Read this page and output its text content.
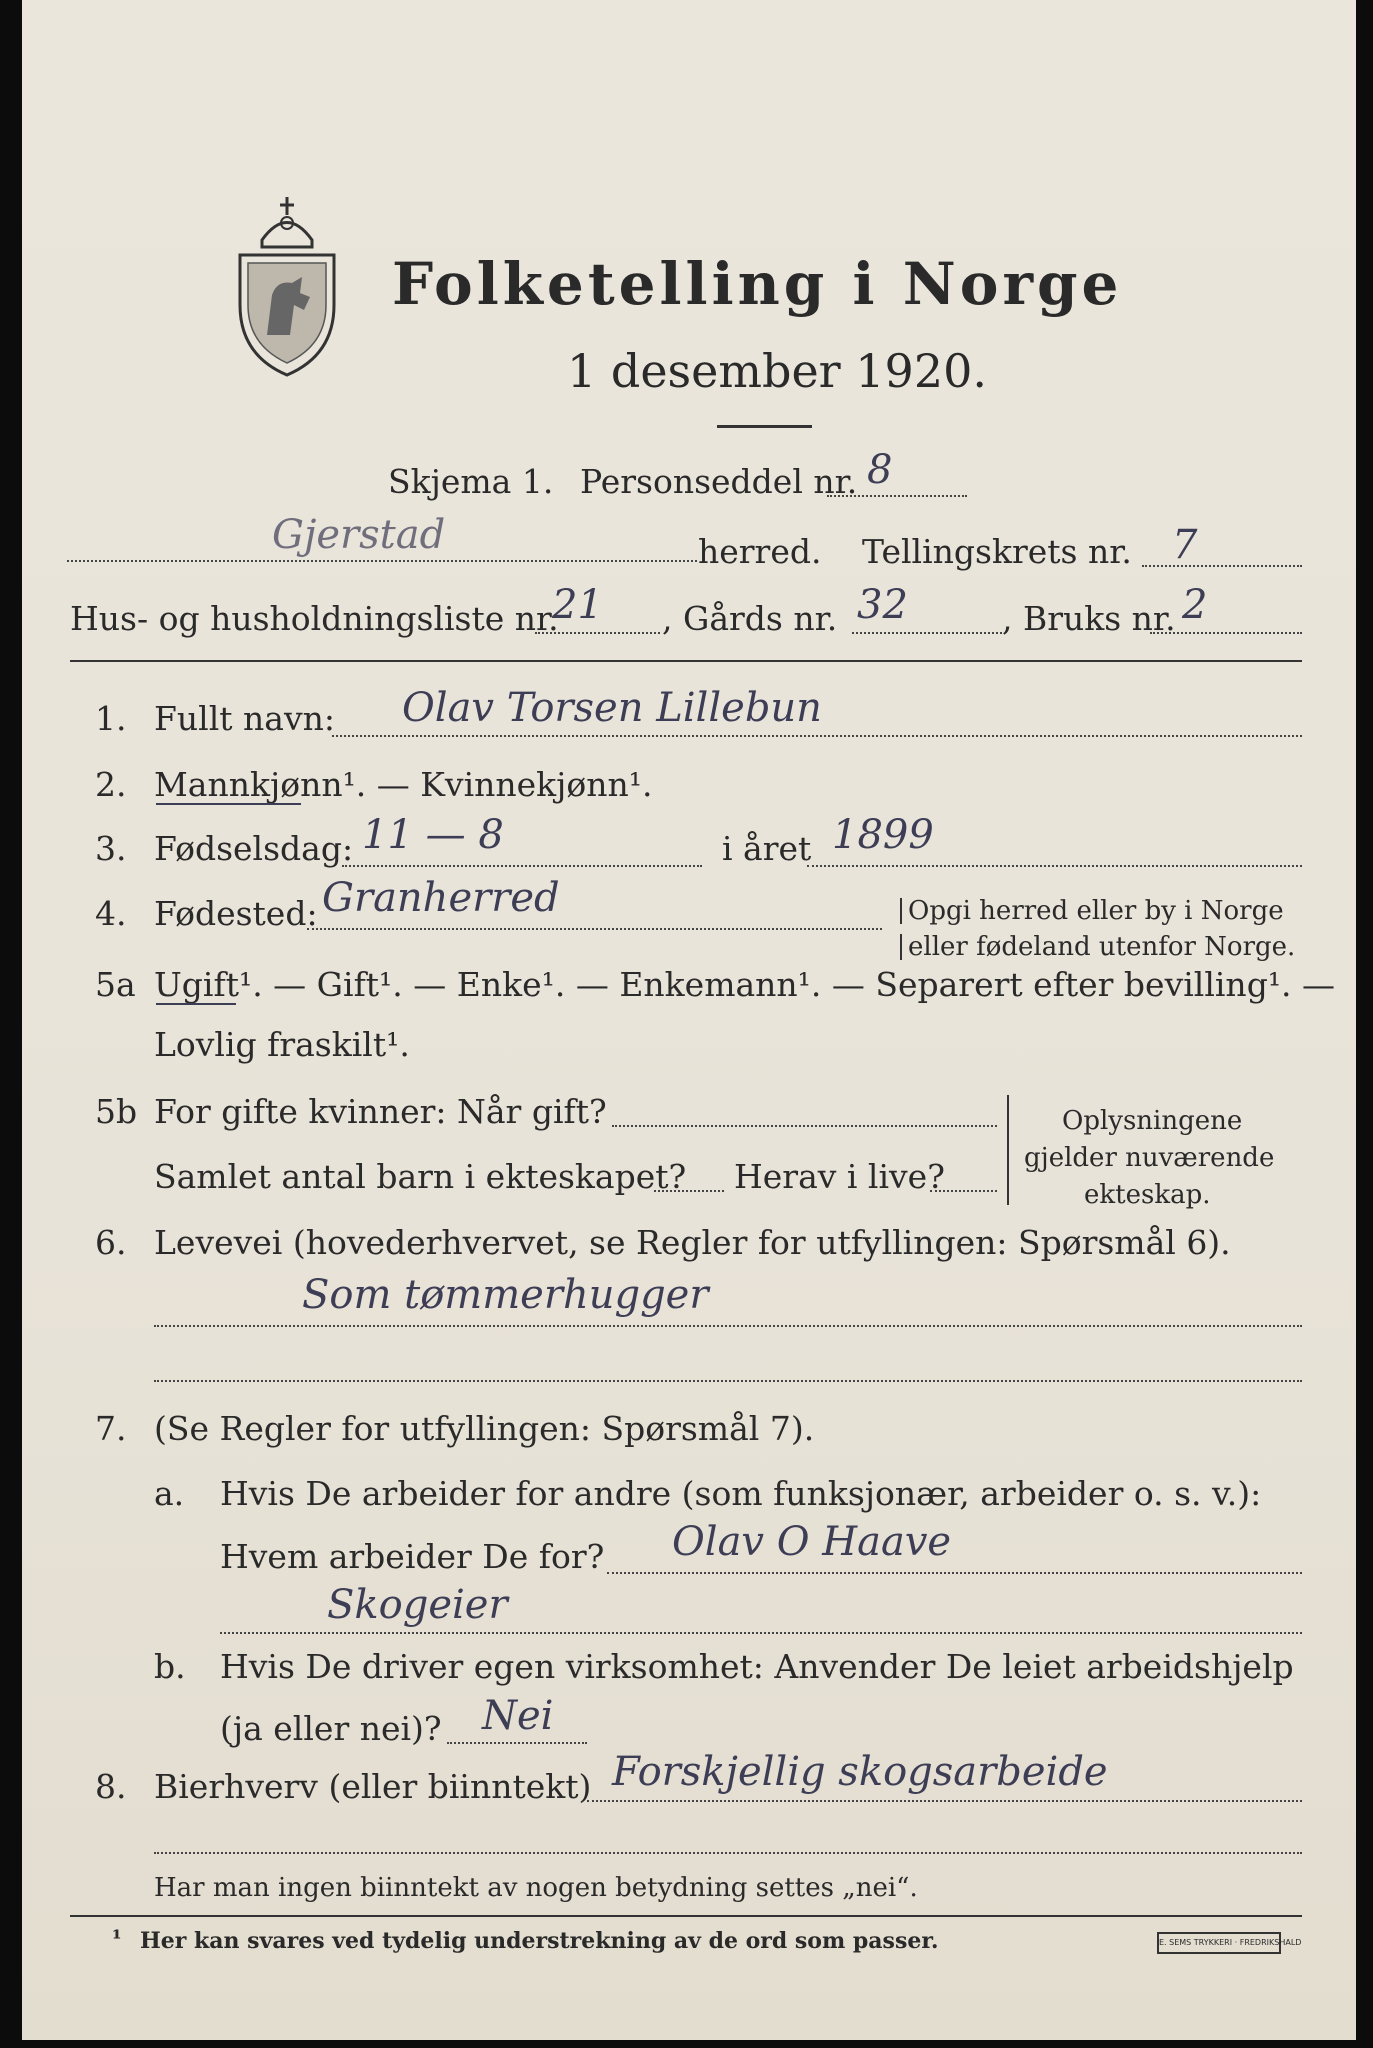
Folketelling i Norge
1 desember 1920.
Skjema 1. Personseddel nr. 8
Gjerstad	herred. Tellingskrets nr. 7
Hus- og husholdningsliste nr.
21 , Gårds nr. 32	, Bruks nr. 2
1. Fullt navn: Olav Torsen Lillebun
2. Mannkjønn¹. — Kvinnekjønn¹.
3. Fødselsdag: 11 — 8	i året 1899
4. Fødested: Granherred	Opgi herred eller by i Norge
eller fødeland utenfor Norge.
5a Ugift¹. — Gift¹. — Enke¹. — Enkemann¹. — Separert efter bevilling¹. —
Lovlig fraskilt¹.
5b For gifte kvinner: Når gift?
Samlet antal barn i ekteskapet? Herav i live?
Oplysningene
gjelder nuværende
ekteskap.
6. Levevei (hovederhvervet, se Regler for utfyllingen: Spørsmål 6).
Som tømmerhugger
7. (Se Regler for utfyllingen: Spørsmål 7).
a. Hvis De arbeider for andre (som funksjonær, arbeider o. s. v.):
Hvem arbeider De for? Olav O Haave
Skogeier
b. Hvis De driver egen virksomhet: Anvender De leiet arbeidshjelp
(ja eller nei)? Nei
8. Bierhverv (eller biinntekt) Forskjellig skogsarbeide
Har man ingen biinntekt av nogen betydning settes „nei“.
¹ Her kan svares ved tydelig understrekning av de ord som passer.	E. SEMS TRYKKERI · FREDRIKSHALD
